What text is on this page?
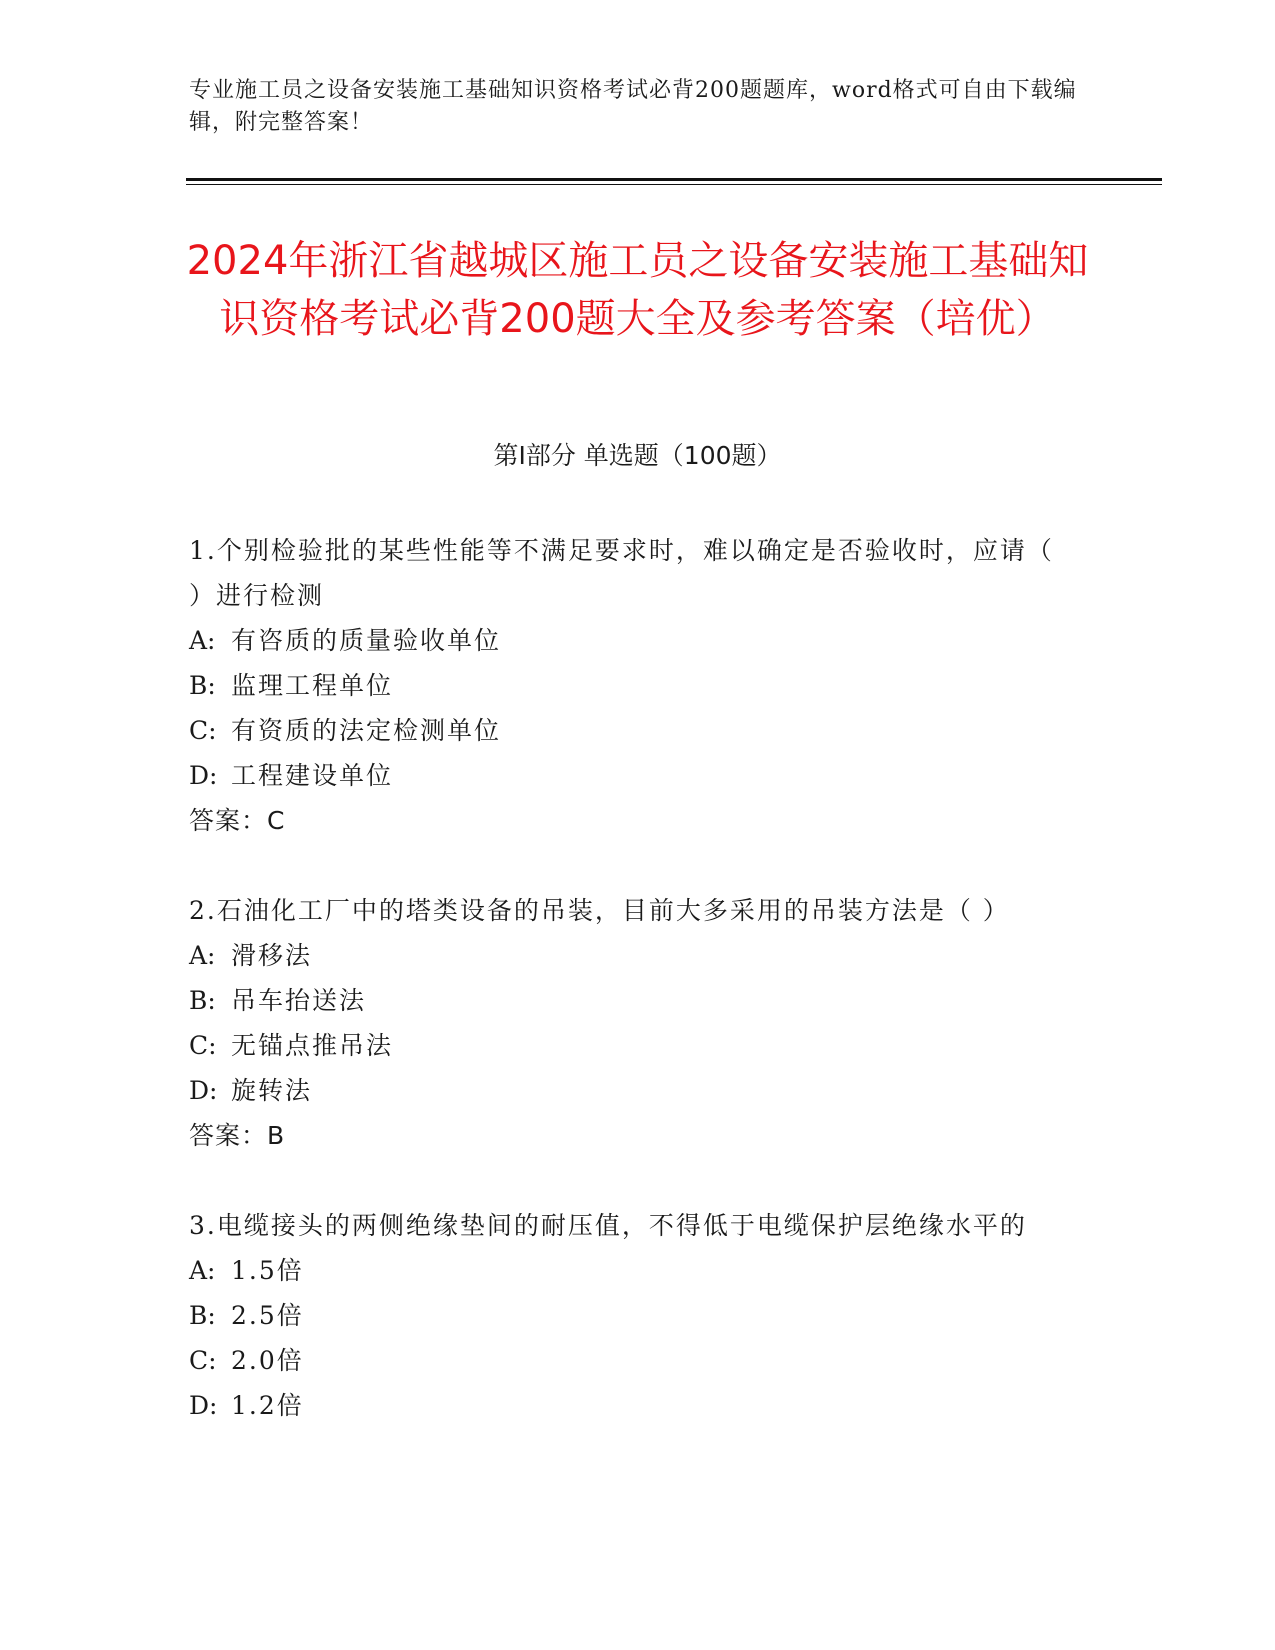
专业施工员之设备安装施工基础知识资格考试必背200题题库，word格式可自由下载编辑，附完整答案！
2024年浙江省越城区施工员之设备安装施工基础知识资格考试必背200题大全及参考答案（培优）
第Ⅰ部分 单选题（100题）

1.个别检验批的某些性能等不满足要求时，难以确定是否验收时，应请（ ）进行检测

A: 有咨质的质量验收单位

B: 监理工程单位

C: 有资质的法定检测单位

D: 工程建设单位

答案：C

2.石油化工厂中的塔类设备的吊装，目前大多采用的吊装方法是（ ）

A: 滑移法

B: 吊车抬送法

C: 无锚点推吊法

D: 旋转法

答案：B

3.电缆接头的两侧绝缘垫间的耐压值，不得低于电缆保护层绝缘水平的

A: 1.5倍

B: 2.5倍

C: 2.0倍

D: 1.2倍
